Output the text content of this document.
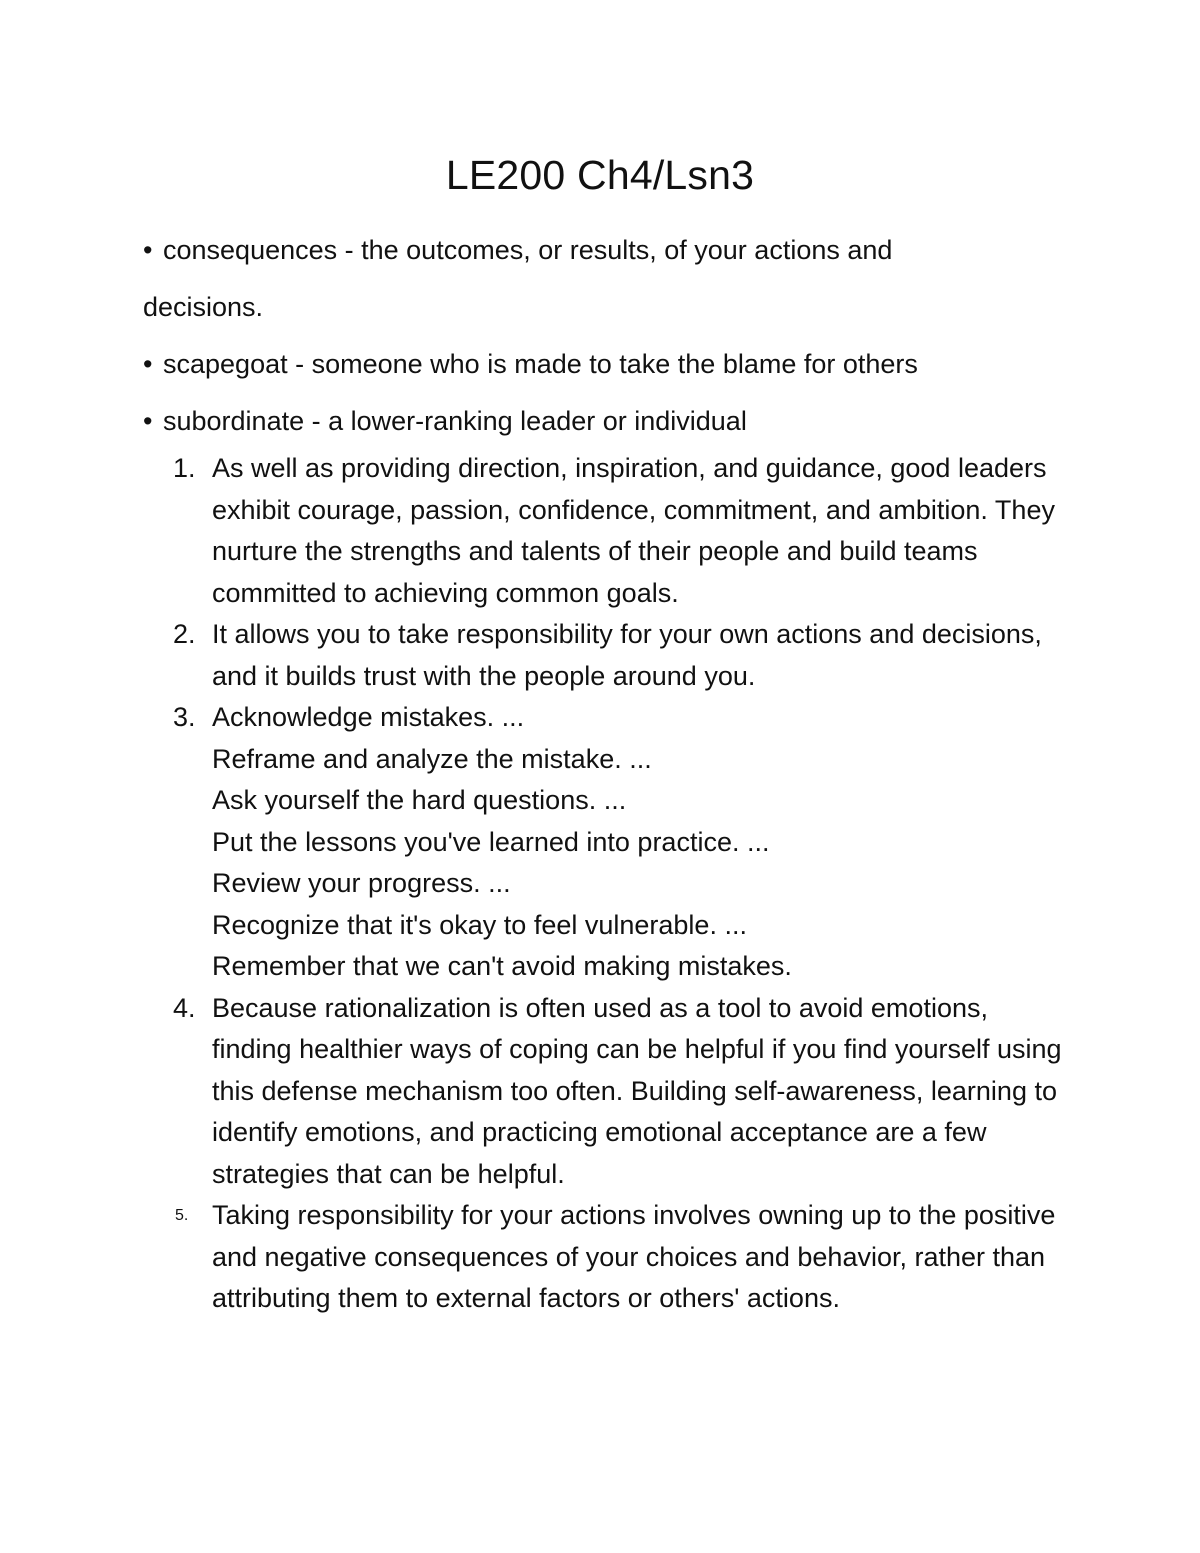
LE200 Ch4/Lsn3

• consequences - the outcomes, or results, of your actions and decisions.

• scapegoat - someone who is made to take the blame for others

• subordinate - a lower-ranking leader or individual

1. As well as providing direction, inspiration, and guidance, good leaders exhibit courage, passion, confidence, commitment, and ambition. They nurture the strengths and talents of their people and build teams committed to achieving common goals.
2. It allows you to take responsibility for your own actions and decisions, and it builds trust with the people around you.
3. Acknowledge mistakes. ...
Reframe and analyze the mistake. ...
Ask yourself the hard questions. ...
Put the lessons you've learned into practice. ...
Review your progress. ...
Recognize that it's okay to feel vulnerable. ...
Remember that we can't avoid making mistakes.
4. Because rationalization is often used as a tool to avoid emotions, finding healthier ways of coping can be helpful if you find yourself using this defense mechanism too often. Building self-awareness, learning to identify emotions, and practicing emotional acceptance are a few strategies that can be helpful.
5. Taking responsibility for your actions involves owning up to the positive and negative consequences of your choices and behavior, rather than attributing them to external factors or others' actions.
